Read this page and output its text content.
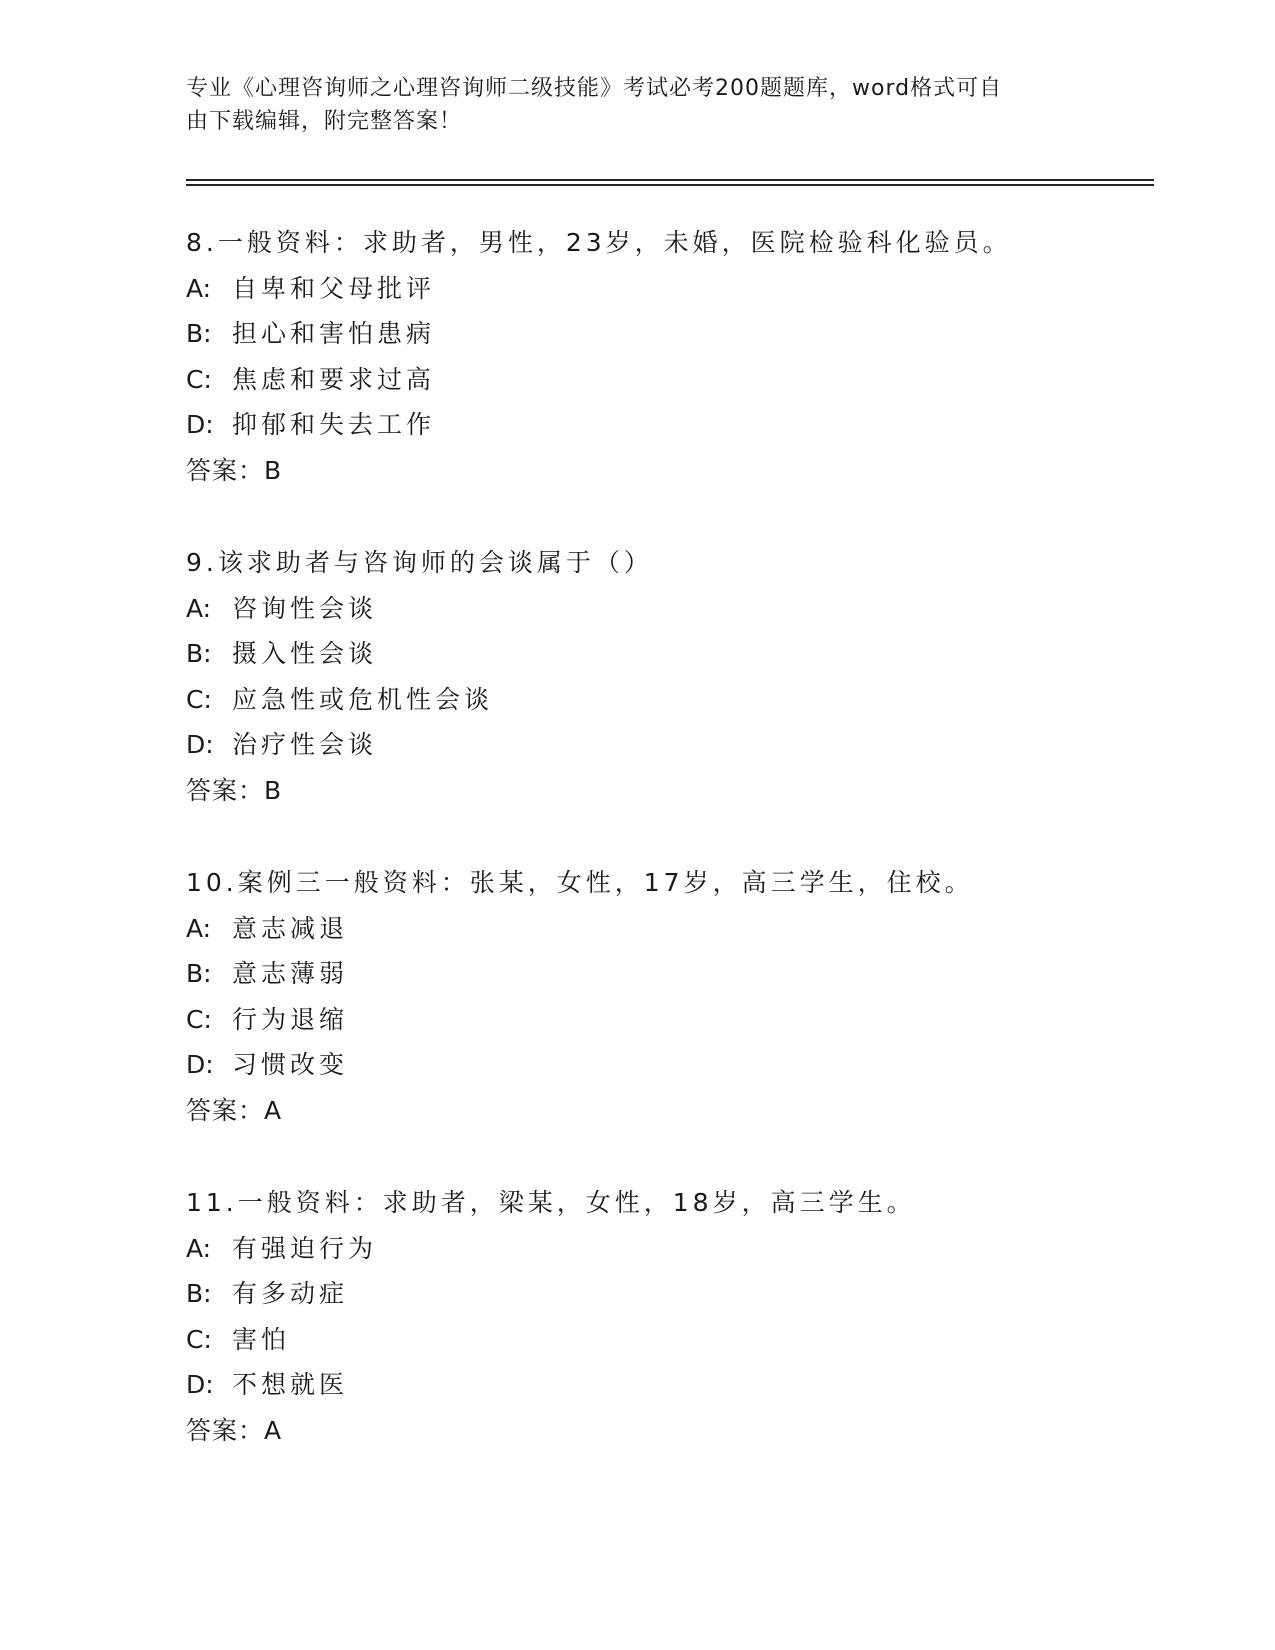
专业《心理咨询师之心理咨询师二级技能》考试必考200题题库，word格式可自
由下载编辑，附完整答案！
8.一般资料：求助者，男性，23岁，未婚，医院检验科化验员。
A: 自卑和父母批评
B: 担心和害怕患病
C: 焦虑和要求过高
D: 抑郁和失去工作
答案：B
9.该求助者与咨询师的会谈属于（）
A: 咨询性会谈
B: 摄入性会谈
C: 应急性或危机性会谈
D: 治疗性会谈
答案：B
10.案例三一般资料：张某，女性，17岁，高三学生，住校。
A: 意志减退
B: 意志薄弱
C: 行为退缩
D: 习惯改变
答案：A
11.一般资料：求助者，梁某，女性，18岁，高三学生。
A: 有强迫行为
B: 有多动症
C: 害怕
D: 不想就医
答案：A
